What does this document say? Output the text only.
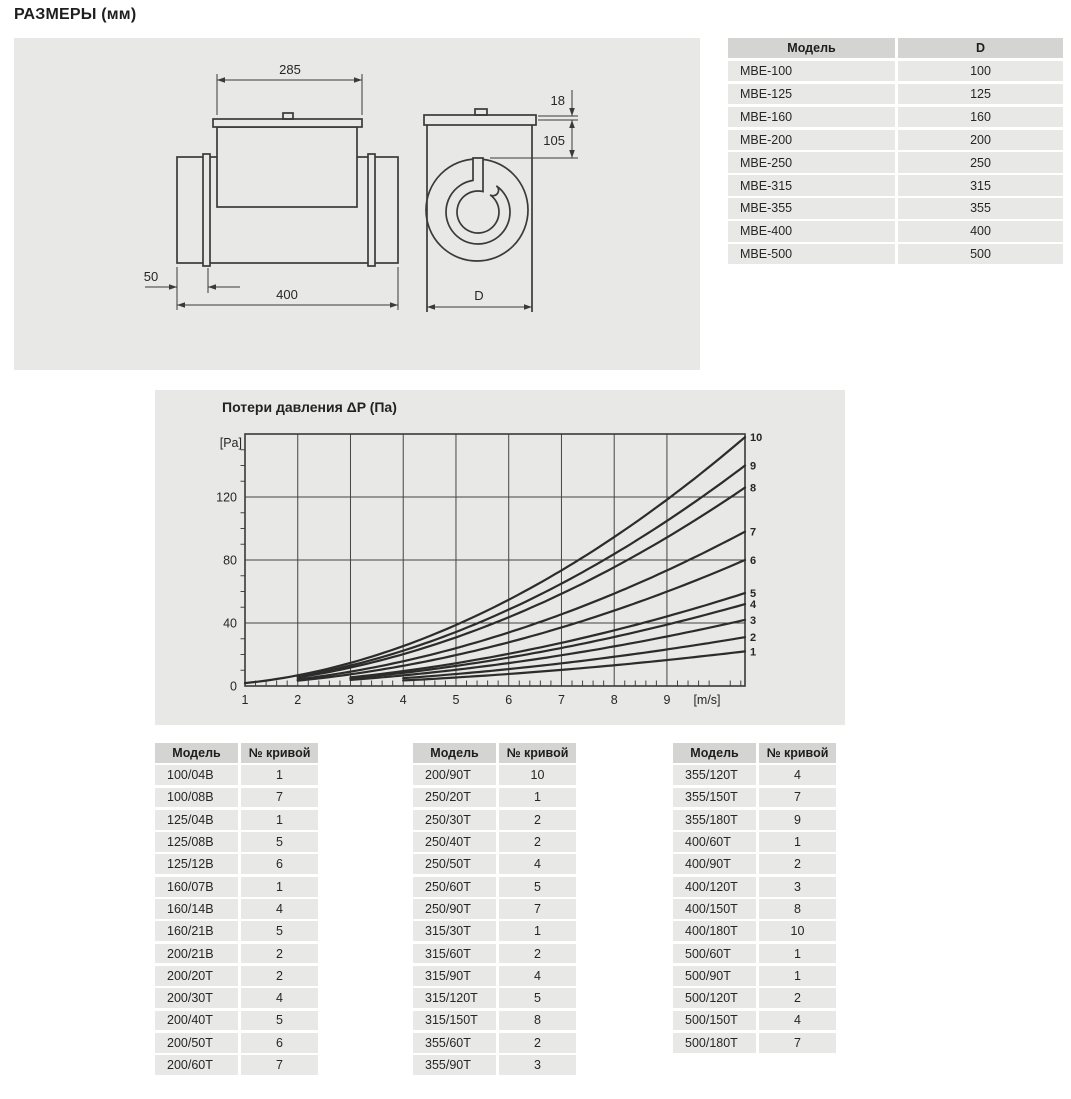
РАЗМЕРЫ (мм)
285
400
50
18
105
D
Модель	D
МВЕ-100	100
МВЕ-125	125
МВЕ-160	160
МВЕ-200	200
МВЕ-250	250
МВЕ-315	315
МВЕ-355	355
МВЕ-400	400
МВЕ-500	500
Потери давления ΔP (Па)
1	2	3	4	5	6	7	8	9 [m/s]
0
40
80
120
[Pa]
1
2
3
4
5
6
7
8
9
10
Модель	№ кривой
100/04B	1
100/08B	7
125/04B	1
125/08B	5
125/12B	6
160/07B	1
160/14B	4
160/21B	5
200/21B	2
200/20T	2
200/30T	4
200/40T	5
200/50T	6
200/60T	7
Модель	№ кривой
200/90T	10
250/20T	1
250/30T	2
250/40T	2
250/50T	4
250/60T	5
250/90T	7
315/30T	1
315/60T	2
315/90T	4
315/120T	5
315/150T	8
355/60T	2
355/90T	3
Модель	№ кривой
355/120T	4
355/150T	7
355/180T	9
400/60T	1
400/90T	2
400/120T	3
400/150T	8
400/180T	10
500/60T	1
500/90T	1
500/120T	2
500/150T	4
500/180T	7
